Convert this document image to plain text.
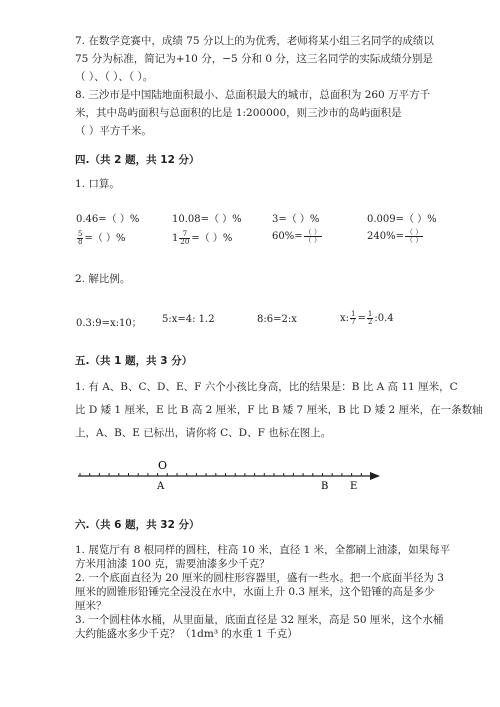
7. 在数学竞赛中，成绩 75 分以上的为优秀，老师将某小组三名同学的成绩以
75 分为标准，简记为+10 分，−5 分和 0 分，这三名同学的实际成绩分别是
（ ）、（ ）、（ ）。
8. 三沙市是中国陆地面积最小、总面积最大的城市，总面积为 260 万平方千
米，其中岛屿面积与总面积的比是 1:200000，则三沙市的岛屿面积是
（ ）平方千米。
四.（共 2 题，共 12 分）
1. 口算。
0.46=（ ）%	10.08=（ ）%	3=（ ）%	0.009=（ ）%
$\frac{5}{8}$ =（ ）%	$1 \frac{7}{20}$ =（ ）%	$60\%= \frac{( )}{( )}$	$240\%= \frac{( )}{( )}$
2. 解比例。
0.3:9=x:10； 5:x=4: 1.2	8:6=2:x	x: $\frac{1}{7} = \frac{1}{2}$ :0.4
五.（共 1 题，共 3 分）
1. 有 A、B、C、D、E、F 六个小孩比身高，比的结果是：B 比 A 高 11 厘米，C
比 D 矮 1 厘米，E 比 B 高 2 厘米，F 比 B 矮 7 厘米，B 比 D 矮 2 厘米，在一条数轴
上，A、B、E 已标出，请你将 C、D、F 也标在图上。
O
A	B E
六.（共 6 题，共 32 分）
1. 展览厅有 8 根同样的圆柱，柱高 10 米，直径 1 米，全都刷上油漆，如果每平
方米用油漆 100 克，需要油漆多少千克？
2. 一个底面直径为 20 厘米的圆柱形容器里，盛有一些水。把一个底面半径为 3
厘米的圆锥形铅锤完全浸没在水中，水面上升 0.3 厘米，这个铅锤的高是多少
厘米？
3. 一个圆柱体水桶，从里面量，底面直径是 32 厘米，高是 50 厘米，这个水桶
大约能盛水多少千克？（1dm³ 的水重 1 千克）
